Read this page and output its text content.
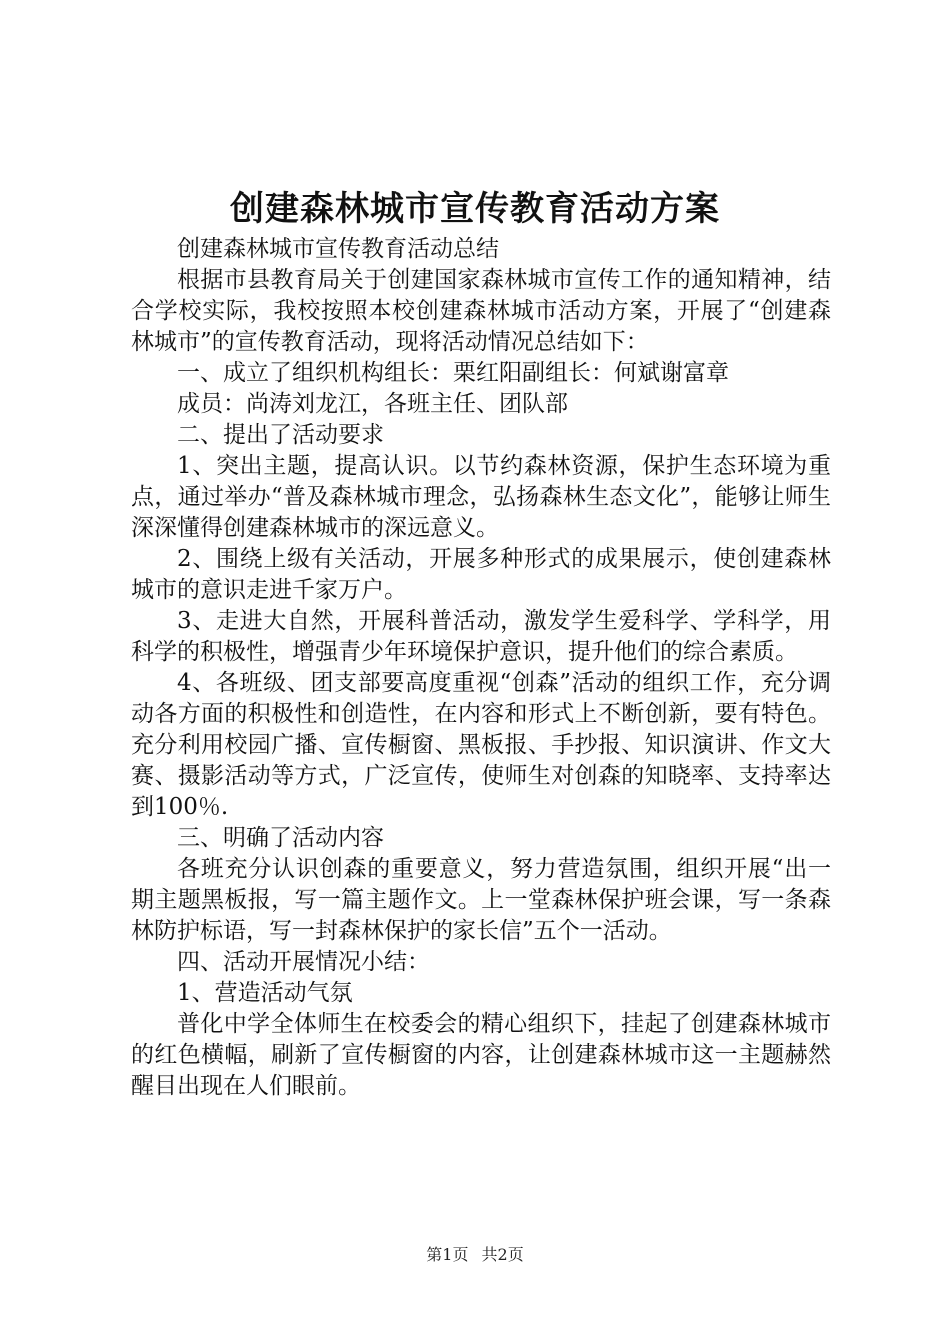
创建森林城市宣传教育活动方案

创建森林城市宣传教育活动总结

根据市县教育局关于创建国家森林城市宣传工作的通知精神，结合学校实际，我校按照本校创建森林城市活动方案，开展了“创建森林城市”的宣传教育活动，现将活动情况总结如下：

一、成立了组织机构组长：栗红阳副组长：何斌谢富章

成员：尚涛刘龙江，各班主任、团队部

二、提出了活动要求

1、突出主题，提高认识。以节约森林资源，保护生态环境为重点，通过举办“普及森林城市理念，弘扬森林生态文化”，能够让师生深深懂得创建森林城市的深远意义。

2、围绕上级有关活动，开展多种形式的成果展示，使创建森林城市的意识走进千家万户。

3、走进大自然，开展科普活动，激发学生爱科学、学科学，用科学的积极性，增强青少年环境保护意识，提升他们的综合素质。

4、各班级、团支部要高度重视“创森”活动的组织工作，充分调动各方面的积极性和创造性，在内容和形式上不断创新，要有特色。充分利用校园广播、宣传橱窗、黑板报、手抄报、知识演讲、作文大赛、摄影活动等方式，广泛宣传，使师生对创森的知晓率、支持率达到100％.

三、明确了活动内容

各班充分认识创森的重要意义，努力营造氛围，组织开展“出一期主题黑板报，写一篇主题作文。上一堂森林保护班会课，写一条森林防护标语，写一封森林保护的家长信”五个一活动。

四、活动开展情况小结：

1、营造活动气氛

普化中学全体师生在校委会的精心组织下，挂起了创建森林城市的红色横幅，刷新了宣传橱窗的内容，让创建森林城市这一主题赫然醒目出现在人们眼前。

第1页 共2页
